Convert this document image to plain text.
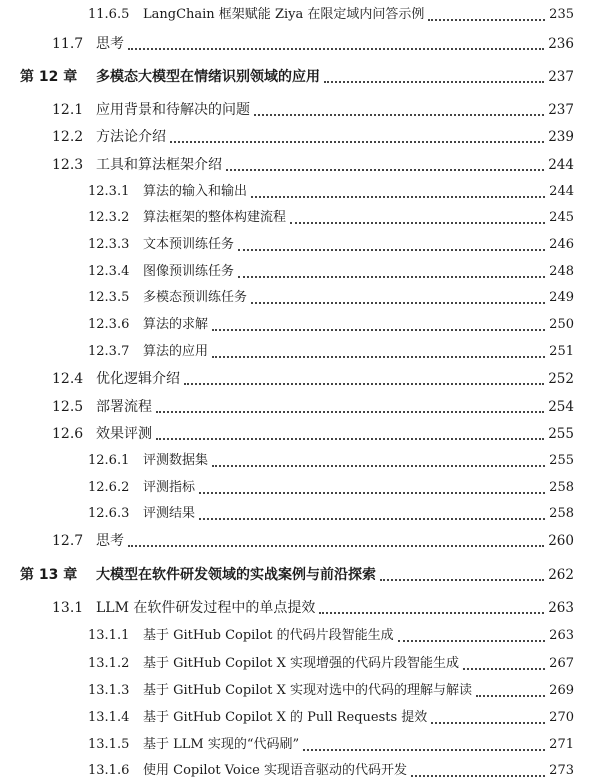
11.6.5 LangChain 框架赋能 Ziya 在限定域内问答示例	235
11.7 思考	236
第 12 章 多模态大模型在情绪识别领域的应用	237
12.1 应用背景和待解决的问题	237
12.2 方法论介绍	239
12.3 工具和算法框架介绍	244
12.3.1 算法的输入和输出	244
12.3.2 算法框架的整体构建流程	245
12.3.3 文本预训练任务	246
12.3.4 图像预训练任务	248
12.3.5 多模态预训练任务	249
12.3.6 算法的求解	250
12.3.7 算法的应用	251
12.4 优化逻辑介绍	252
12.5 部署流程	254
12.6 效果评测	255
12.6.1 评测数据集	255
12.6.2 评测指标	258
12.6.3 评测结果	258
12.7 思考	260
第 13 章 大模型在软件研发领域的实战案例与前沿探索	262
13.1 LLM 在软件研发过程中的单点提效	263
13.1.1 基于 GitHub Copilot 的代码片段智能生成	263
13.1.2 基于 GitHub Copilot X 实现增强的代码片段智能生成	267
13.1.3 基于 GitHub Copilot X 实现对选中的代码的理解与解读	269
13.1.4 基于 GitHub Copilot X 的 Pull Requests 提效	270
13.1.5 基于 LLM 实现的“代码刷”	271
13.1.6 使用 Copilot Voice 实现语音驱动的代码开发	273
